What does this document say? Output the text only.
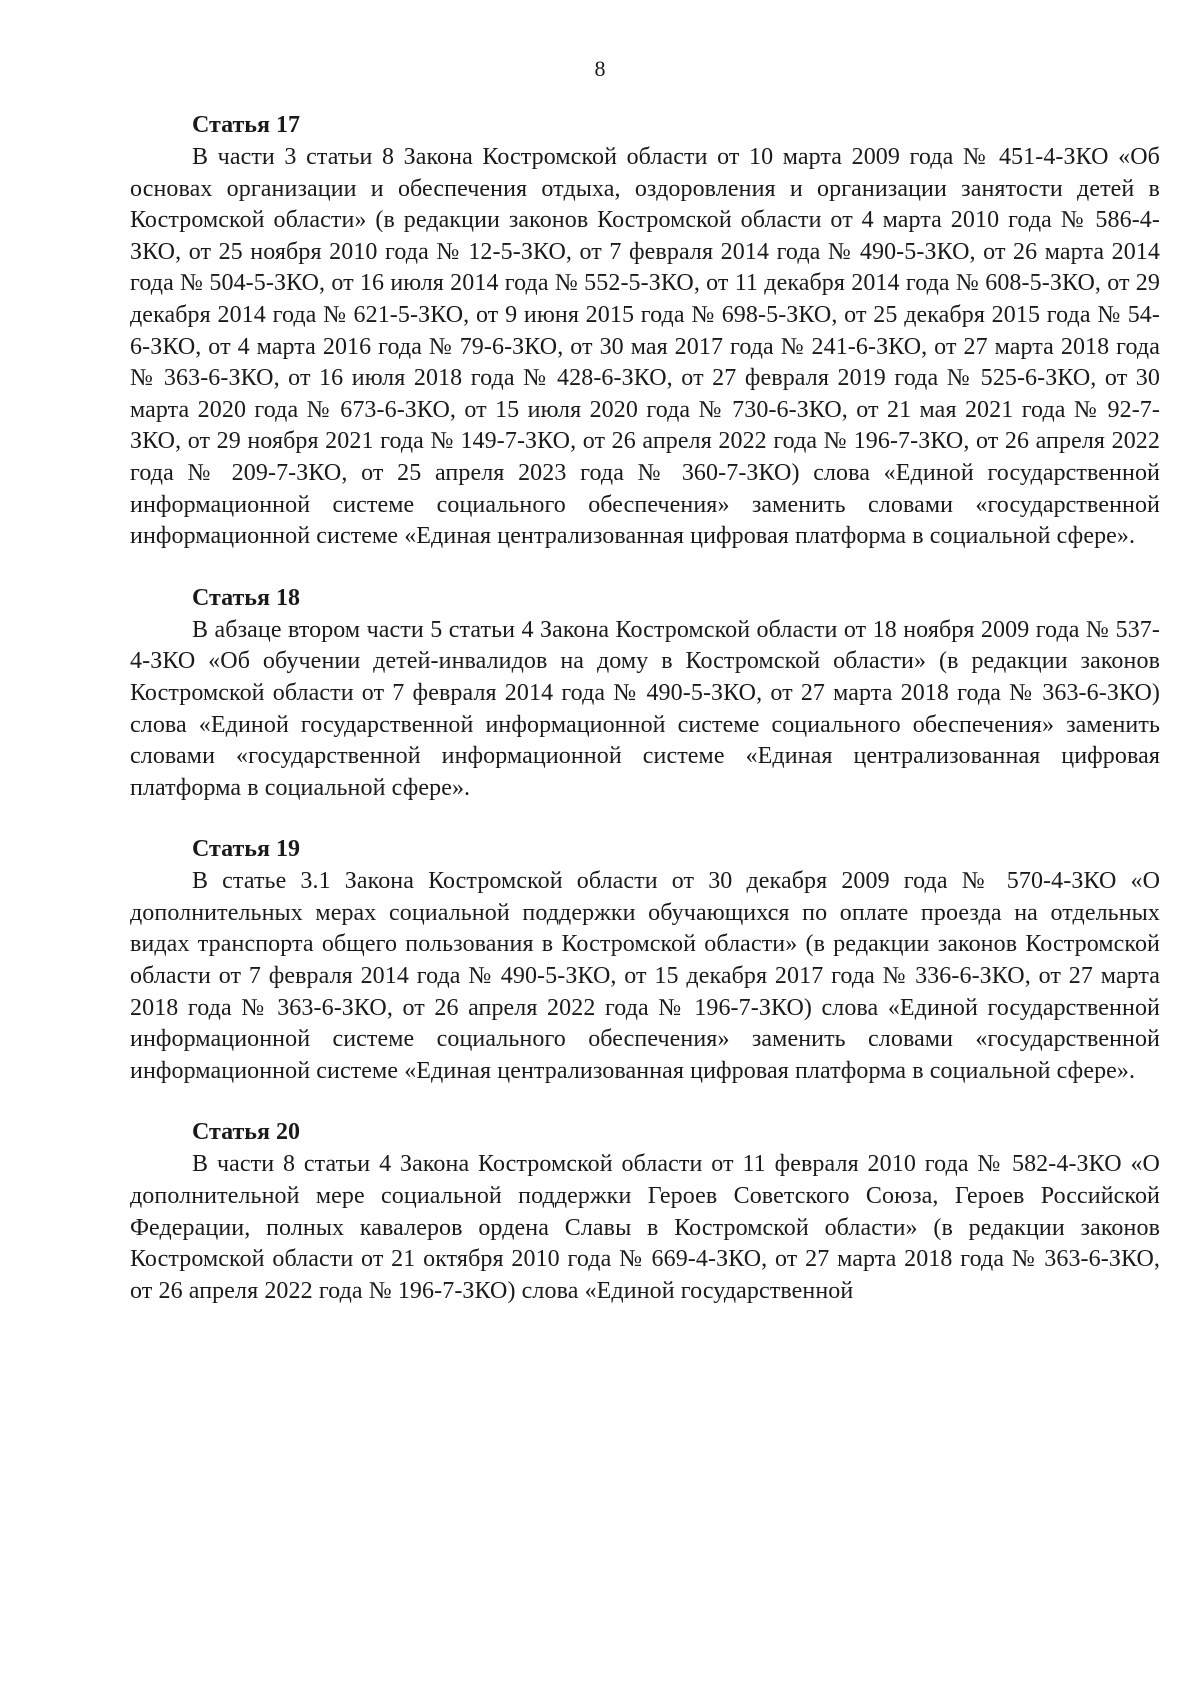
8
Статья 17

В части 3 статьи 8 Закона Костромской области от 10 марта 2009 года № 451-4-ЗКО «Об основах организации и обеспечения отдыха, оздоровления и организации занятости детей в Костромской области» (в редакции законов Костромской области от 4 марта 2010 года № 586-4-ЗКО, от 25 ноября 2010 года № 12-5-ЗКО, от 7 февраля 2014 года № 490-5-ЗКО, от 26 марта 2014 года № 504-5-ЗКО, от 16 июля 2014 года № 552-5-ЗКО, от 11 декабря 2014 года № 608-5-ЗКО, от 29 декабря 2014 года № 621-5-ЗКО, от 9 июня 2015 года № 698-5-ЗКО, от 25 декабря 2015 года № 54-6-ЗКО, от 4 марта 2016 года № 79-6-ЗКО, от 30 мая 2017 года № 241-6-ЗКО, от 27 марта 2018 года № 363-6-ЗКО, от 16 июля 2018 года № 428-6-ЗКО, от 27 февраля 2019 года № 525-6-ЗКО, от 30 марта 2020 года № 673-6-ЗКО, от 15 июля 2020 года № 730-6-ЗКО, от 21 мая 2021 года № 92-7-ЗКО, от 29 ноября 2021 года № 149-7-ЗКО, от 26 апреля 2022 года № 196-7-ЗКО, от 26 апреля 2022 года № 209-7-ЗКО, от 25 апреля 2023 года № 360-7-ЗКО) слова «Единой государственной информационной системе социального обеспечения» заменить словами «государственной информационной системе «Единая централизованная цифровая платформа в социальной сфере».

Статья 18

В абзаце втором части 5 статьи 4 Закона Костромской области от 18 ноября 2009 года № 537-4-ЗКО «Об обучении детей-инвалидов на дому в Костромской области» (в редакции законов Костромской области от 7 февраля 2014 года № 490-5-ЗКО, от 27 марта 2018 года № 363-6-ЗКО) слова «Единой государственной информационной системе социального обеспечения» заменить словами «государственной информационной системе «Единая централизованная цифровая платформа в социальной сфере».

Статья 19

В статье 3.1 Закона Костромской области от 30 декабря 2009 года № 570-4-ЗКО «О дополнительных мерах социальной поддержки обучающихся по оплате проезда на отдельных видах транспорта общего пользования в Костромской области» (в редакции законов Костромской области от 7 февраля 2014 года № 490-5-ЗКО, от 15 декабря 2017 года № 336-6-ЗКО, от 27 марта 2018 года № 363-6-ЗКО, от 26 апреля 2022 года № 196-7-ЗКО) слова «Единой государственной информационной системе социального обеспечения» заменить словами «государственной информационной системе «Единая централизованная цифровая платформа в социальной сфере».

Статья 20

В части 8 статьи 4 Закона Костромской области от 11 февраля 2010 года № 582-4-ЗКО «О дополнительной мере социальной поддержки Героев Советского Союза, Героев Российской Федерации, полных кавалеров ордена Славы в Костромской области» (в редакции законов Костромской области от 21 октября 2010 года № 669-4-ЗКО, от 27 марта 2018 года № 363-6-ЗКО, от 26 апреля 2022 года № 196-7-ЗКО) слова «Единой государственной
